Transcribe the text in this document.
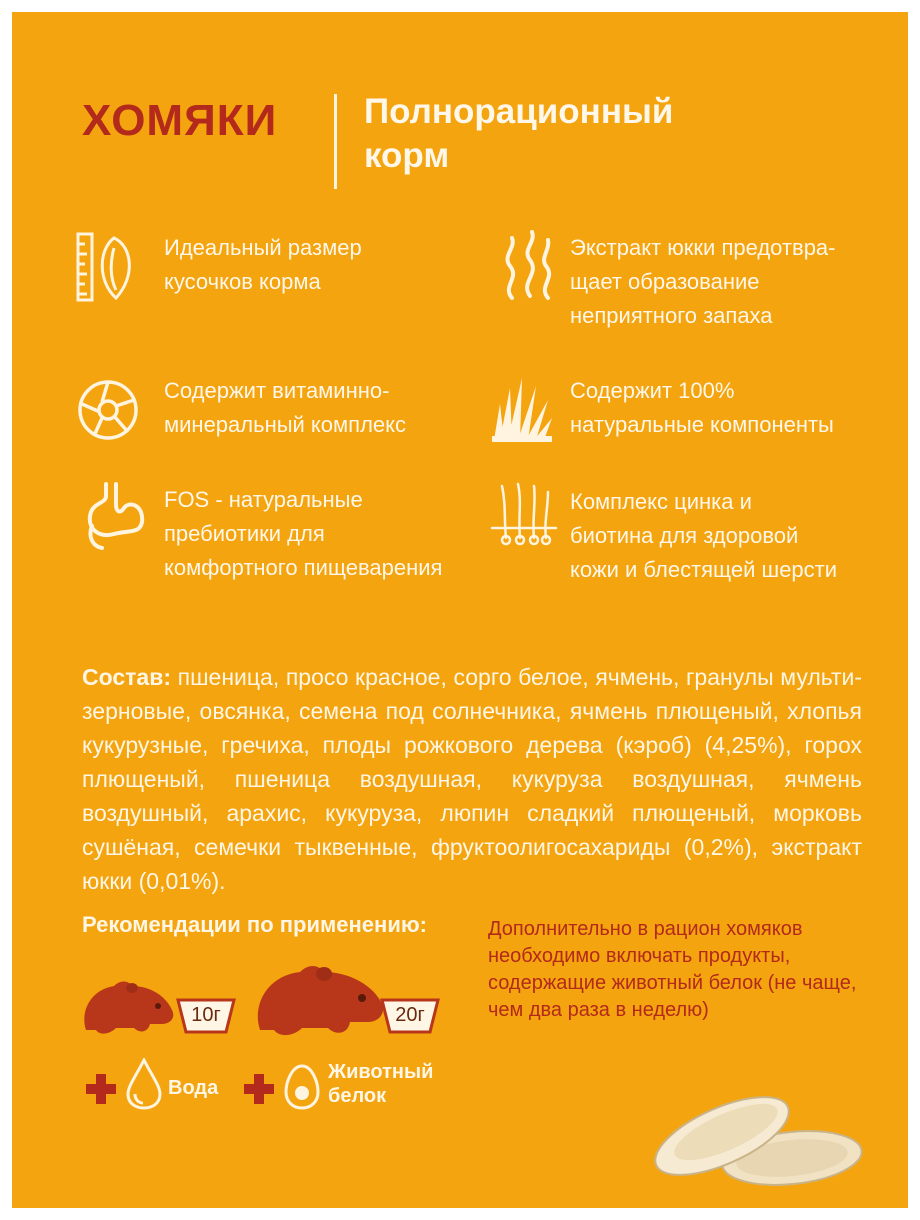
ХОМЯКИ Полнорационный
корм
Идеальный размер
кусочков корма
Экстракт юкки предотвра-
щает образование
неприятного запаха
Содержит витаминно-
минеральный комплекс
Содержит 100%
натуральные компоненты
FOS - натуральные
пребиотики для
комфортного пищеварения
Комплекс цинка и
биотина для здоровой
кожи и блестящей шерсти
Состав: пшеница, просо красное, сорго белое, ячмень, гранулы мульти-зерновые, овсянка, семена под солнечника, ячмень плющеный, хлопья кукурузные, гречиха, плоды рожкового дерева (кэроб) (4,25%), горох плющеный, пшеница воздушная, кукуруза воздушная, ячмень воздушный, арахис, кукуруза, люпин сладкий плющеный, морковь сушёная, семечки тыквенные, фруктоолигосахариды (0,2%), экстракт юкки (0,01%).
Рекомендации по применению:
10г	20г
Вода
Животный
белок
Дополнительно в рацион хомяков необходимо включать продукты, содержащие животный белок (не чаще, чем два раза в неделю)
